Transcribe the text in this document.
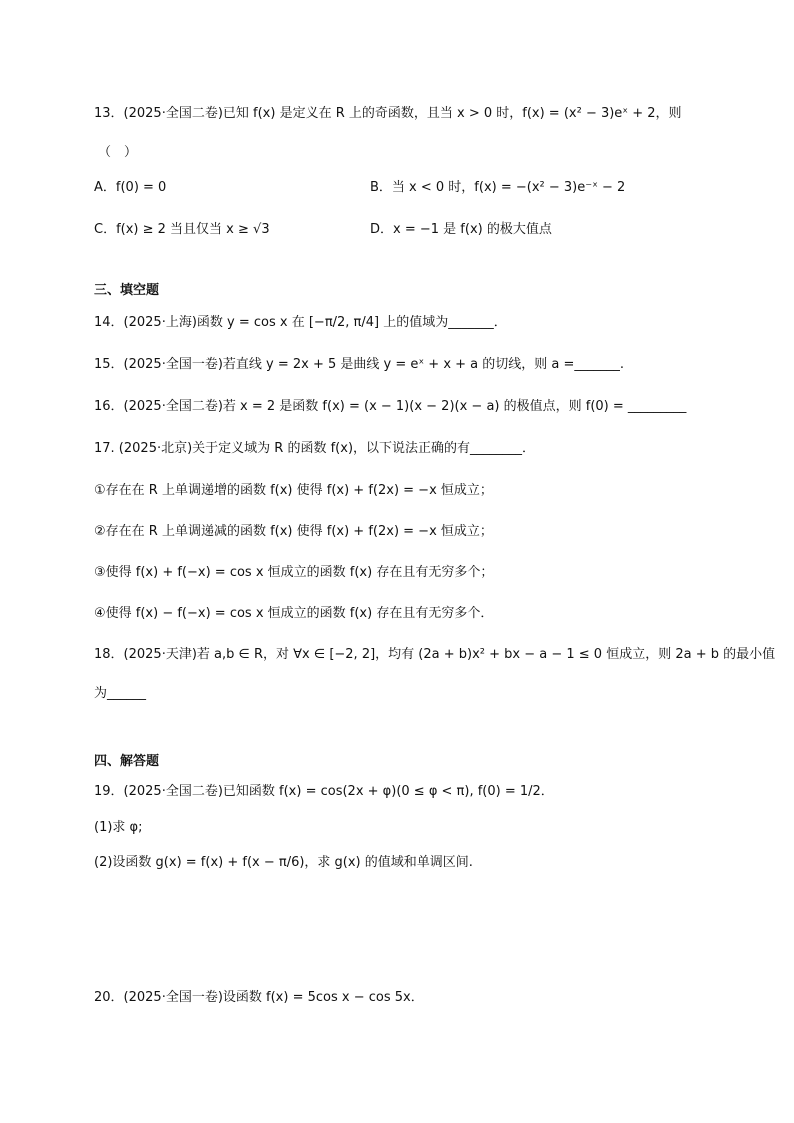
13．(2025·全国二卷)已知 f(x) 是定义在 R 上的奇函数，且当 x > 0 时，f(x) = (x² − 3)eˣ + 2，则
（　）
A．f(0) = 0	B．当 x < 0 时，f(x) = −(x² − 3)e⁻ˣ − 2
C．f(x) ≥ 2 当且仅当 x ≥ √3	D．x = −1 是 f(x) 的极大值点
三、填空题
14．(2025·上海)函数 y = cos x 在 [−π/2, π/4] 上的值域为_______．
15．(2025·全国一卷)若直线 y = 2x + 5 是曲线 y = eˣ + x + a 的切线，则 a =_______.
16．(2025·全国二卷)若 x = 2 是函数 f(x) = (x − 1)(x − 2)(x − a) 的极值点，则 f(0) = _________
17. (2025·北京)关于定义域为 R 的函数 f(x)，以下说法正确的有________．
①存在在 R 上单调递增的函数 f(x) 使得 f(x) + f(2x) = −x 恒成立；
②存在在 R 上单调递减的函数 f(x) 使得 f(x) + f(2x) = −x 恒成立；
③使得 f(x) + f(−x) = cos x 恒成立的函数 f(x) 存在且有无穷多个；
④使得 f(x) − f(−x) = cos x 恒成立的函数 f(x) 存在且有无穷多个．
18．(2025·天津)若 a,b ∈ R，对 ∀x ∈ [−2, 2]，均有 (2a + b)x² + bx − a − 1 ≤ 0 恒成立，则 2a + b 的最小值
为______
四、解答题
19．(2025·全国二卷)已知函数 f(x) = cos(2x + φ)(0 ≤ φ < π), f(0) = 1/2．
(1)求 φ;
(2)设函数 g(x) = f(x) + f(x − π/6)，求 g(x) 的值域和单调区间.
20．(2025·全国一卷)设函数 f(x) = 5cos x − cos 5x．
